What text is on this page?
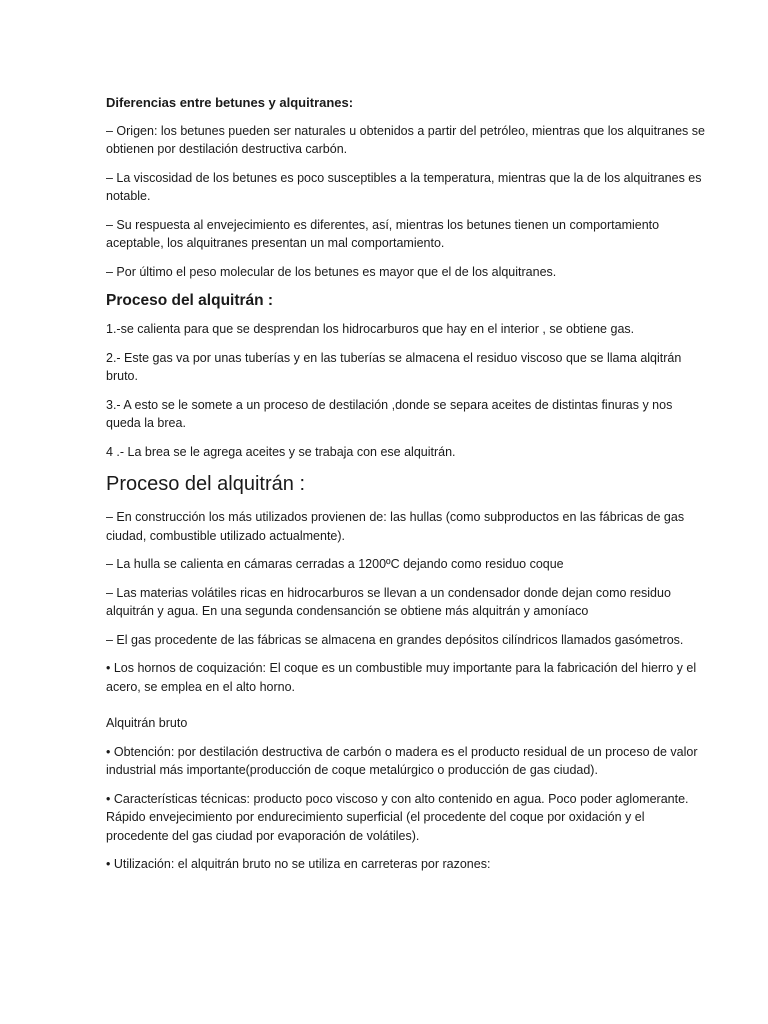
Diferencias entre betunes y alquitranes:

– Origen: los betunes pueden ser naturales u obtenidos a partir del petróleo, mientras que los alquitranes se obtienen por destilación destructiva carbón.

– La viscosidad de los betunes es poco susceptibles a la temperatura, mientras que la de los alquitranes es notable.

– Su respuesta al envejecimiento es diferentes, así, mientras los betunes tienen un comportamiento aceptable, los alquitranes presentan un mal comportamiento.

– Por último el peso molecular de los betunes es mayor que el de los alquitranes.

Proceso del alquitrán :

1.-se calienta para que se desprendan los hidrocarburos que hay en el interior , se obtiene gas.

2.- Este gas va por unas tuberías y en las tuberías se almacena el residuo viscoso que se llama alqitrán bruto.

3.- A esto se le somete a un proceso de destilación ,donde se separa aceites de distintas finuras y nos queda la brea.

4 .- La brea se le agrega aceites y se trabaja con ese alquitrán.

Proceso del alquitrán :

– En construcción los más utilizados provienen de: las hullas (como subproductos en las fábricas de gas ciudad, combustible utilizado actualmente).

– La hulla se calienta en cámaras cerradas a 1200ºC dejando como residuo coque

– Las materias volátiles ricas en hidrocarburos se llevan a un condensador donde dejan como residuo alquitrán y agua. En una segunda condensanción se obtiene más alquitrán y amoníaco

– El gas procedente de las fábricas se almacena en grandes depósitos cilíndricos llamados gasómetros.

• Los hornos de coquización: El coque es un combustible muy importante para la fabricación del hierro y el acero, se emplea en el alto horno.

Alquitrán bruto

• Obtención: por destilación destructiva de carbón o madera es el producto residual de un proceso de valor industrial más importante(producción de coque metalúrgico o producción de gas ciudad).

• Características técnicas: producto poco viscoso y con alto contenido en agua. Poco poder aglomerante. Rápido envejecimiento por endurecimiento superficial (el procedente del coque por oxidación y el procedente del gas ciudad por evaporación de volátiles).

• Utilización: el alquitrán bruto no se utiliza en carreteras por razones:
